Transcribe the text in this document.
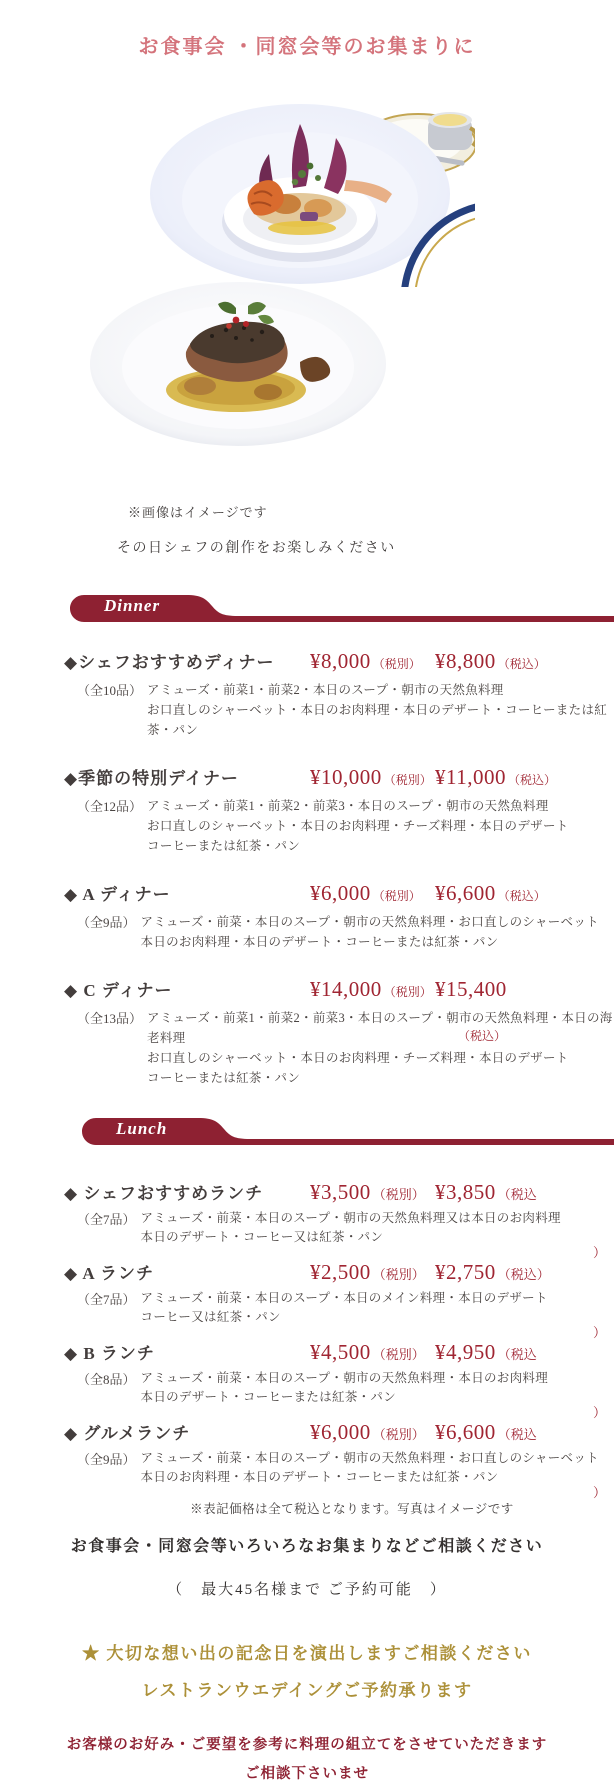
お食事会 ・同窓会等のお集まりに
※画像はイメージです
その日シェフの創作をお楽しみください
Dinner
◆シェフおすすめディナー	¥8,000 （税別） ¥8,800 （税込）
（全10品） アミューズ・前菜1・前菜2・本日のスープ・朝市の天然魚料理
お口直しのシャーベット・本日のお肉料理・本日のデザート・コーヒーまたは紅茶・パン
◆季節の特別デイナー	¥10,000 （税別） ¥11,000 （税込）
（全12品） アミューズ・前菜1・前菜2・前菜3・本日のスープ・朝市の天然魚料理
お口直しのシャーベット・本日のお肉料理・チーズ料理・本日のデザート
コーヒーまたは紅茶・パン
◆ A ディナー	¥6,000 （税別） ¥6,600 （税込）
（全9品） アミューズ・前菜・本日のスープ・朝市の天然魚料理・お口直しのシャーベット
本日のお肉料理・本日のデザート・コーヒーまたは紅茶・パン
◆ C ディナー	¥14,000 （税別） ¥15,400
（税込）
（全13品） アミューズ・前菜1・前菜2・前菜3・本日のスープ・朝市の天然魚料理・本日の海老料理
お口直しのシャーベット・本日のお肉料理・チーズ料理・本日のデザート
コーヒーまたは紅茶・パン
Lunch
◆ シェフおすすめランチ	¥3,500 （税別） ¥3,850 （税込
（全7品） アミューズ・前菜・本日のスープ・朝市の天然魚料理又は本日のお肉料理
本日のデザート・コーヒー又は紅茶・パン
）
◆ A ランチ	¥2,500 （税別） ¥2,750 （税込）
（全7品） アミューズ・前菜・本日のスープ・本日のメイン料理・本日のデザート
コーヒー又は紅茶・パン
）
◆ B ランチ	¥4,500 （税別） ¥4,950 （税込
（全8品） アミューズ・前菜・本日のスープ・朝市の天然魚料理・本日のお肉料理
本日のデザート・コーヒーまたは紅茶・パン
）
◆ グルメランチ	¥6,000 （税別） ¥6,600 （税込
（全9品） アミューズ・前菜・本日のスープ・朝市の天然魚料理・お口直しのシャーベット
本日のお肉料理・本日のデザート・コーヒーまたは紅茶・パン
）
※表記価格は全て税込となります。写真はイメージです
お食事会・同窓会等いろいろなお集まりなどご相談ください
（　最大45名様まで ご予約可能　）
★ 大切な想い出の記念日を演出しますご相談ください
レストランウエデイングご予約承ります
お客様のお好み・ご要望を参考に料理の組立てをさせていただきます
ご相談下さいませ
